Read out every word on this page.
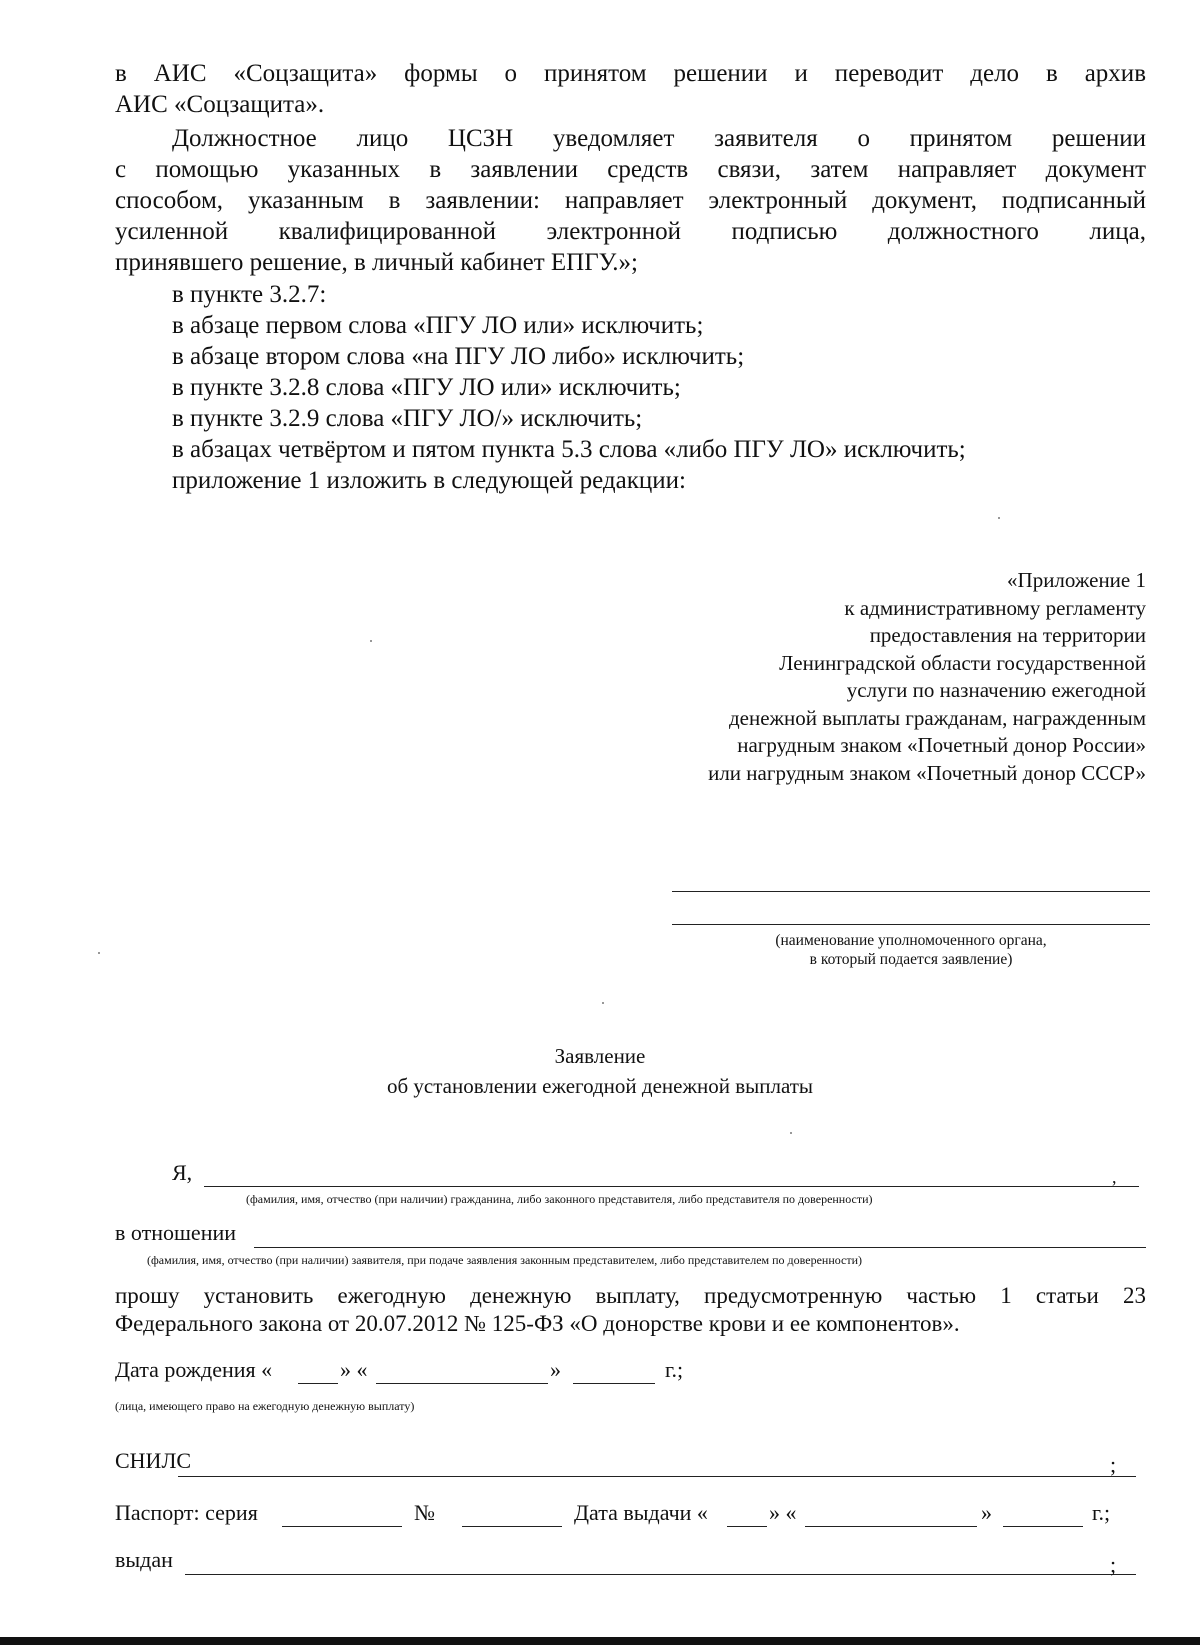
в АИС «Соцзащита» формы о принятом решении и переводит дело в архив
АИС «Соцзащита».
Должностное лицо ЦСЗН уведомляет заявителя о принятом решении
с помощью указанных в заявлении средств связи, затем направляет документ
способом, указанным в заявлении: направляет электронный документ, подписанный
усиленной квалифицированной электронной подписью должностного лица,
принявшего решение, в личный кабинет ЕПГУ.»;
в пункте 3.2.7:
в абзаце первом слова «ПГУ ЛО или» исключить;
в абзаце втором слова «на ПГУ ЛО либо» исключить;
в пункте 3.2.8 слова «ПГУ ЛО или» исключить;
в пункте 3.2.9 слова «ПГУ ЛО/» исключить;
в абзацах четвёртом и пятом пункта 5.3 слова «либо ПГУ ЛО» исключить;
приложение 1 изложить в следующей редакции:
«Приложение 1
к административному регламенту
предоставления на территории
Ленинградской области государственной
услуги по назначению ежегодной
денежной выплаты гражданам, награжденным
нагрудным знаком «Почетный донор России»
или нагрудным знаком «Почетный донор СССР»
(наименование уполномоченного органа,
в который подается заявление)
Заявление
об установлении ежегодной денежной выплаты
Я,	,
(фамилия, имя, отчество (при наличии) гражданина, либо законного представителя, либо представителя по доверенности)
в отношении
(фамилия, имя, отчество (при наличии) заявителя, при подаче заявления законным представителем, либо представителем по доверенности)
прошу установить ежегодную денежную выплату, предусмотренную частью 1 статьи 23
Федерального закона от 20.07.2012 № 125-ФЗ «О донорстве крови и ее компонентов».
Дата рождения «	» «	»	г.;
(лица, имеющего право на ежегодную денежную выплату)
СНИЛС	;
Паспорт: серия	№	Дата выдачи «	» «	»	г.;
выдан	;
